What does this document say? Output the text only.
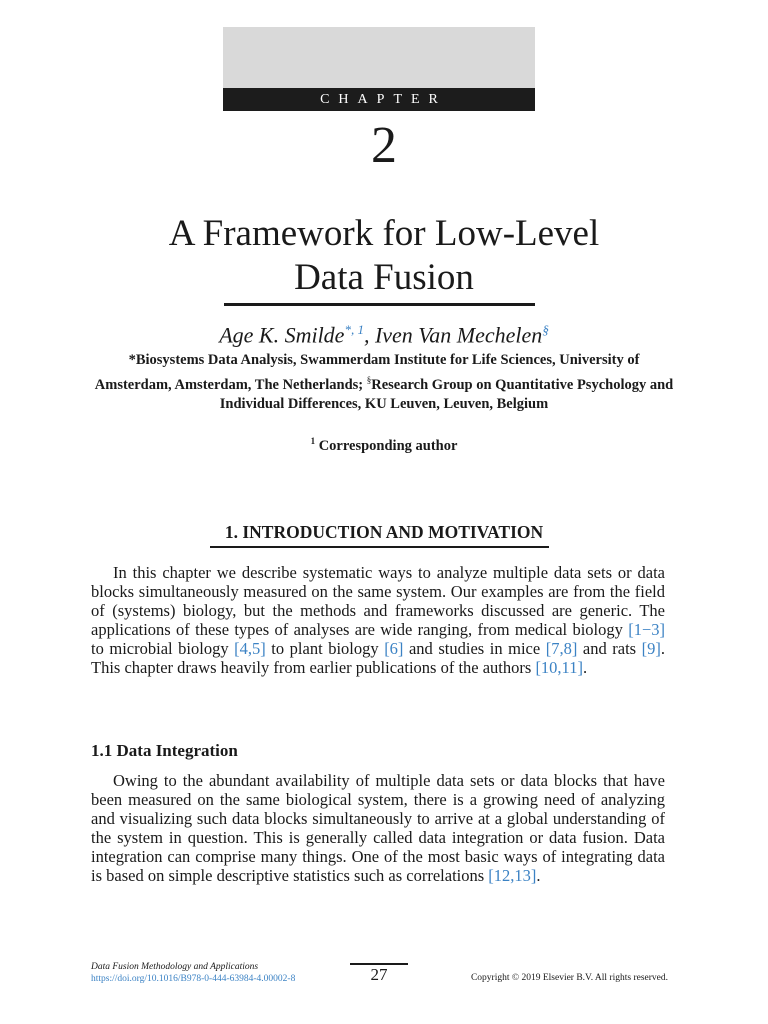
CHAPTER
2
A Framework for Low-Level
Data Fusion
Age K. Smilde$^{*, 1}$, Iven Van Mechelen§
*Biosystems Data Analysis, Swammerdam Institute for Life Sciences, University of Amsterdam, Amsterdam, The Netherlands; §Research Group on Quantitative Psychology and Individual Differences, KU Leuven, Leuven, Belgium
$^1$ Corresponding author
1. INTRODUCTION AND MOTIVATION
In this chapter we describe systematic ways to analyze multiple data sets or data blocks simultaneously measured on the same system. Our examples are from the field of (systems) biology, but the methods and frameworks discussed are generic. The applications of these types of analyses are wide ranging, from medical biology [1−3] to microbial biology [4,5] to plant biology [6] and studies in mice [7,8] and rats [9]. This chapter draws heavily from earlier publications of the authors [10,11].
1.1 Data Integration
Owing to the abundant availability of multiple data sets or data blocks that have been measured on the same biological system, there is a growing need of analyzing and visualizing such data blocks simultaneously to arrive at a global understanding of the system in question. This is generally called data integration or data fusion. Data integration can comprise many things. One of the most basic ways of integrating data is based on simple descriptive statistics such as correlations [12,13].
Data Fusion Methodology and Applications
https://doi.org/10.1016/B978-0-444-63984-4.00002-8	27	Copyright © 2019 Elsevier B.V. All rights reserved.
